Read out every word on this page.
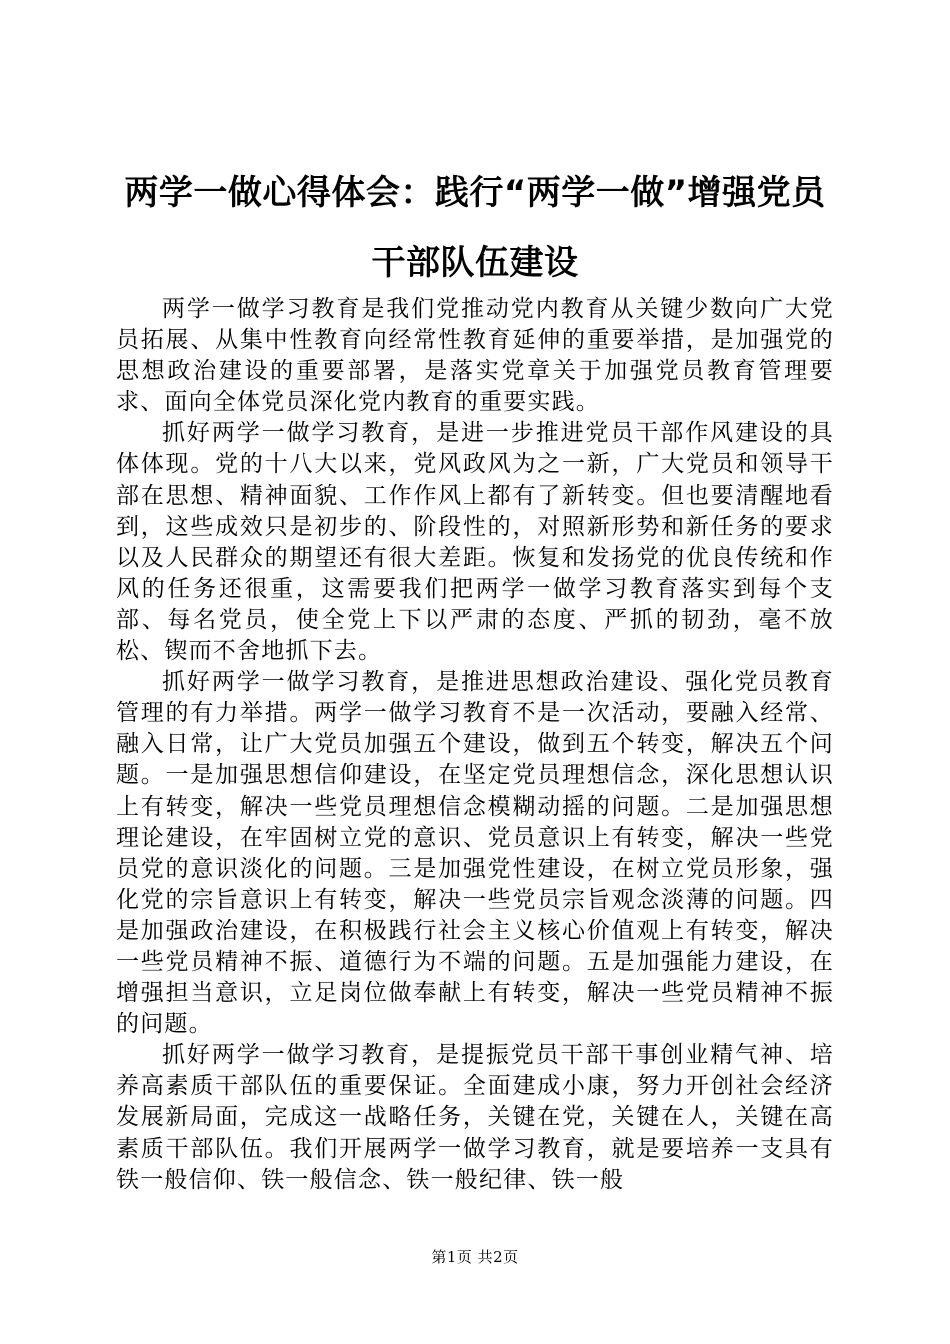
两学一做心得体会：践行“两学一做”增强党员干部队伍建设

两学一做学习教育是我们党推动党内教育从关键少数向广大党员拓展、从集中性教育向经常性教育延伸的重要举措，是加强党的思想政治建设的重要部署，是落实党章关于加强党员教育管理要求、面向全体党员深化党内教育的重要实践。

抓好两学一做学习教育，是进一步推进党员干部作风建设的具体体现。党的十八大以来，党风政风为之一新，广大党员和领导干部在思想、精神面貌、工作作风上都有了新转变。但也要清醒地看到，这些成效只是初步的、阶段性的，对照新形势和新任务的要求以及人民群众的期望还有很大差距。恢复和发扬党的优良传统和作风的任务还很重，这需要我们把两学一做学习教育落实到每个支部、每名党员，使全党上下以严肃的态度、严抓的韧劲，毫不放松、锲而不舍地抓下去。

抓好两学一做学习教育，是推进思想政治建设、强化党员教育管理的有力举措。两学一做学习教育不是一次活动，要融入经常、融入日常，让广大党员加强五个建设，做到五个转变，解决五个问题。一是加强思想信仰建设，在坚定党员理想信念，深化思想认识上有转变，解决一些党员理想信念模糊动摇的问题。二是加强思想理论建设，在牢固树立党的意识、党员意识上有转变，解决一些党员党的意识淡化的问题。三是加强党性建设，在树立党员形象，强化党的宗旨意识上有转变，解决一些党员宗旨观念淡薄的问题。四是加强政治建设，在积极践行社会主义核心价值观上有转变，解决一些党员精神不振、道德行为不端的问题。五是加强能力建设，在增强担当意识，立足岗位做奉献上有转变，解决一些党员精神不振的问题。

抓好两学一做学习教育，是提振党员干部干事创业精气神、培养高素质干部队伍的重要保证。全面建成小康，努力开创社会经济发展新局面，完成这一战略任务，关键在党，关键在人，关键在高素质干部队伍。我们开展两学一做学习教育，就是要培养一支具有铁一般信仰、铁一般信念、铁一般纪律、铁一般

第1页 共2页
